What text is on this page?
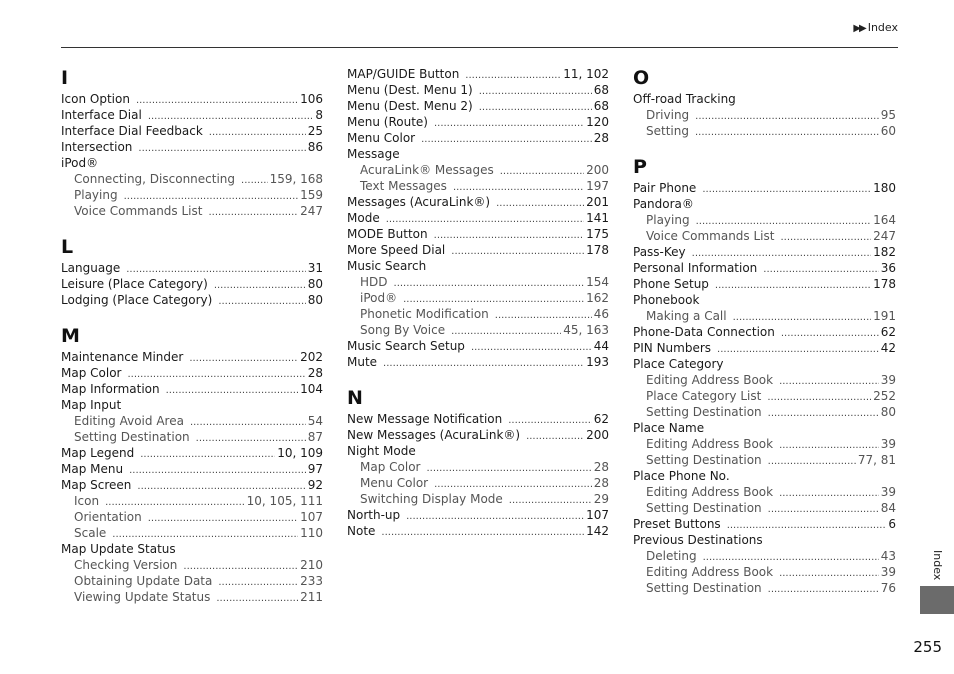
▶▶ Index
I
Icon Option .....	106
Interface Dial .....	8
Interface Dial Feedback .....	25
Intersection .....	86
iPod®
Connecting, Disconnecting .....	159, 168
Playing .....	159
Voice Commands List .....	247
L
Language .....	31
Leisure (Place Category) .....	80
Lodging (Place Category) .....	80
M
Maintenance Minder .....	202
Map Color .....	28
Map Information .....	104
Map Input
Editing Avoid Area .....	54
Setting Destination .....	87
Map Legend .....	10, 109
Map Menu .....	97
Map Screen .....	92
Icon .....	10, 105, 111
Orientation .....	107
Scale .....	110
Map Update Status
Checking Version .....	210
Obtaining Update Data .....	233
Viewing Update Status .....	211
MAP/GUIDE Button .....	11, 102
Menu (Dest. Menu 1) .....	68
Menu (Dest. Menu 2) .....	68
Menu (Route) .....	120
Menu Color .....	28
Message
AcuraLink® Messages .....	200
Text Messages .....	197
Messages (AcuraLink®) .....	201
Mode .....	141
MODE Button .....	175
More Speed Dial .....	178
Music Search
HDD .....	154
iPod® .....	162
Phonetic Modification .....	46
Song By Voice .....	45, 163
Music Search Setup .....	44
Mute .....	193
N
New Message Notification .....	62
New Messages (AcuraLink®) .....	200
Night Mode
Map Color .....	28
Menu Color .....	28
Switching Display Mode .....	29
North-up .....	107
Note .....	142
O
Off-road Tracking
Driving .....	95
Setting .....	60
P
Pair Phone .....	180
Pandora®
Playing .....	164
Voice Commands List .....	247
Pass-Key .....	182
Personal Information .....	36
Phone Setup .....	178
Phonebook
Making a Call .....	191
Phone-Data Connection .....	62
PIN Numbers .....	42
Place Category
Editing Address Book .....	39
Place Category List .....	252
Setting Destination .....	80
Place Name
Editing Address Book .....	39
Setting Destination .....	77, 81
Place Phone No.
Editing Address Book .....	39
Setting Destination .....	84
Preset Buttons .....	6
Previous Destinations
Deleting .....	43
Editing Address Book .....	39
Setting Destination .....	76
Index
255
